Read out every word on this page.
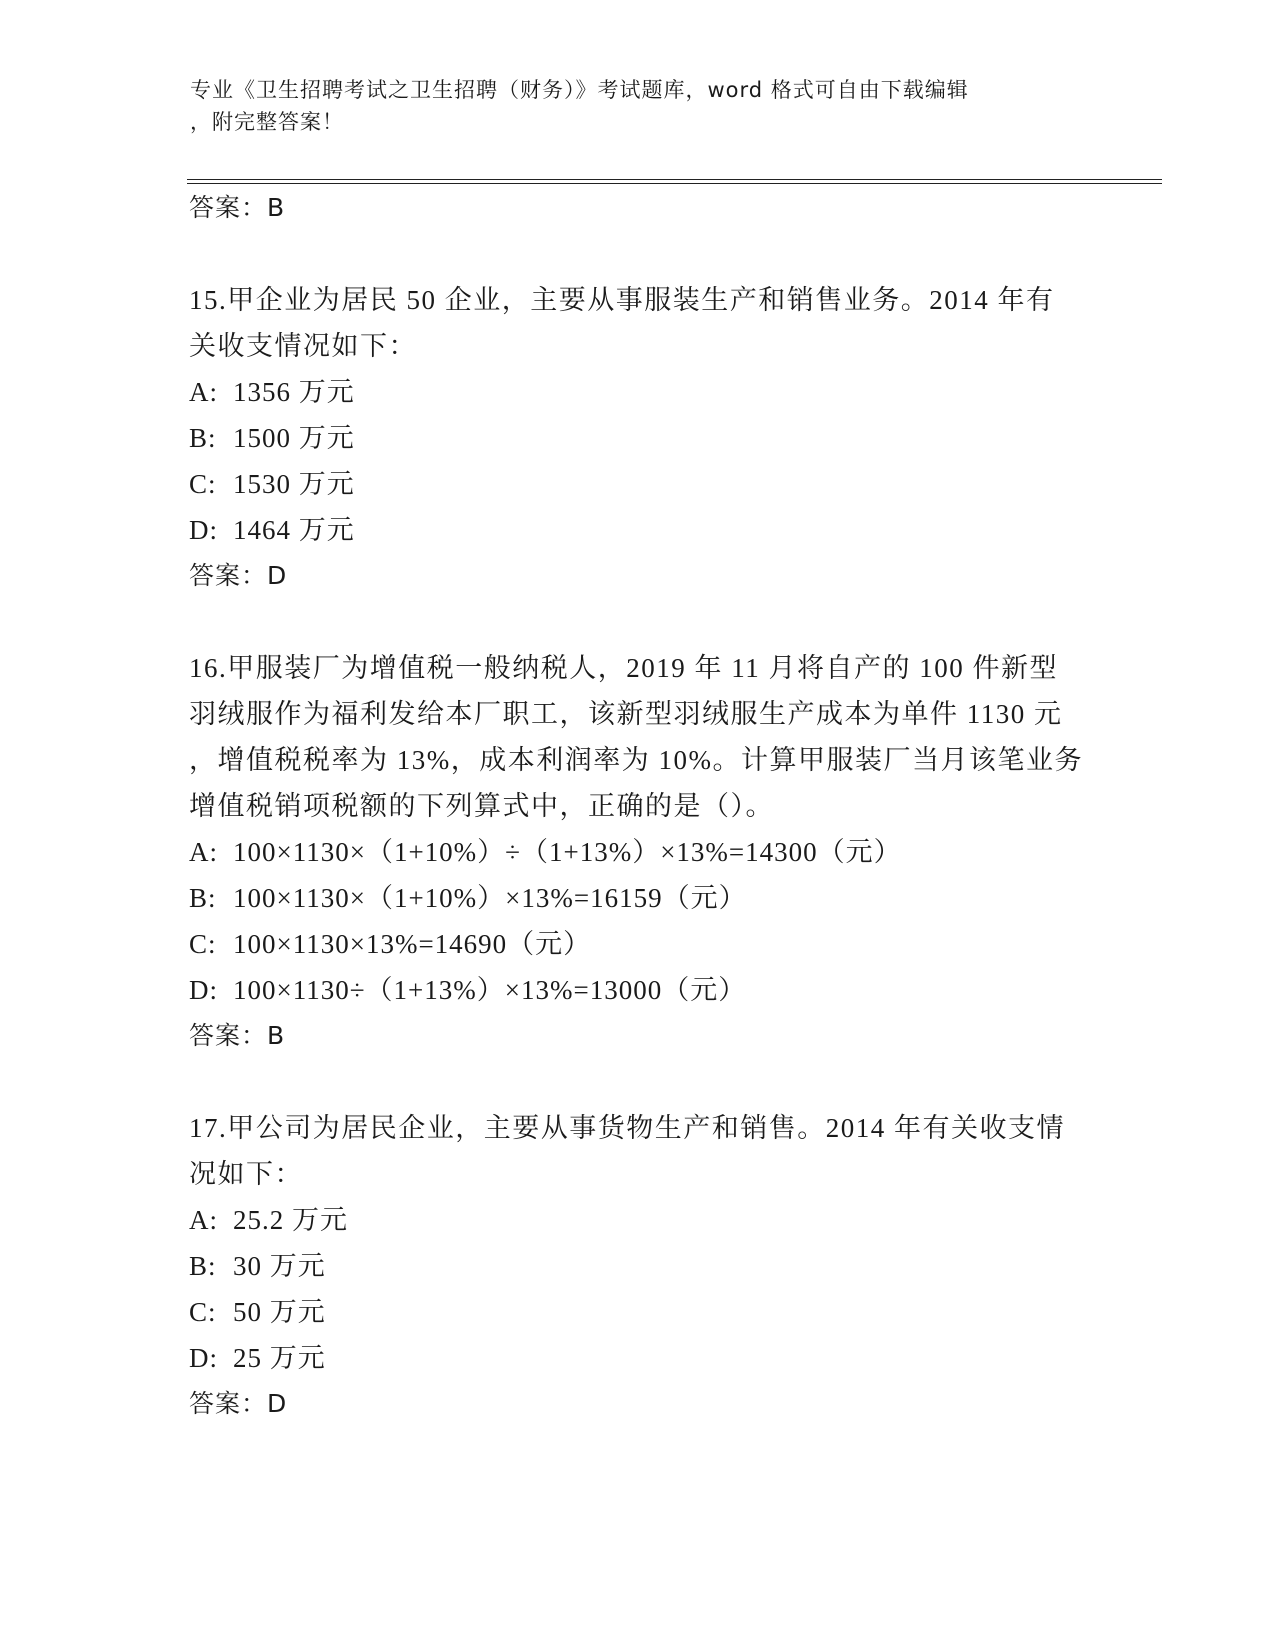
专业《卫生招聘考试之卫生招聘（财务）》考试题库，word 格式可自由下载编辑
，附完整答案！
答案：B
15.甲企业为居民 50 企业，主要从事服装生产和销售业务。2014 年有
关收支情况如下：
A: 1356 万元
B: 1500 万元
C: 1530 万元
D: 1464 万元
答案：D
16.甲服装厂为增值税一般纳税人，2019 年 11 月将自产的 100 件新型
羽绒服作为福利发给本厂职工，该新型羽绒服生产成本为单件 1130 元
，增值税税率为 13%，成本利润率为 10%。计算甲服装厂当月该笔业务
增值税销项税额的下列算式中，正确的是（）。
A: 100×1130×（1+10%）÷（1+13%）×13%=14300（元）
B: 100×1130×（1+10%）×13%=16159（元）
C: 100×1130×13%=14690（元）
D: 100×1130÷（1+13%）×13%=13000（元）
答案：B
17.甲公司为居民企业，主要从事货物生产和销售。2014 年有关收支情
况如下：
A: 25.2 万元
B: 30 万元
C: 50 万元
D: 25 万元
答案：D
